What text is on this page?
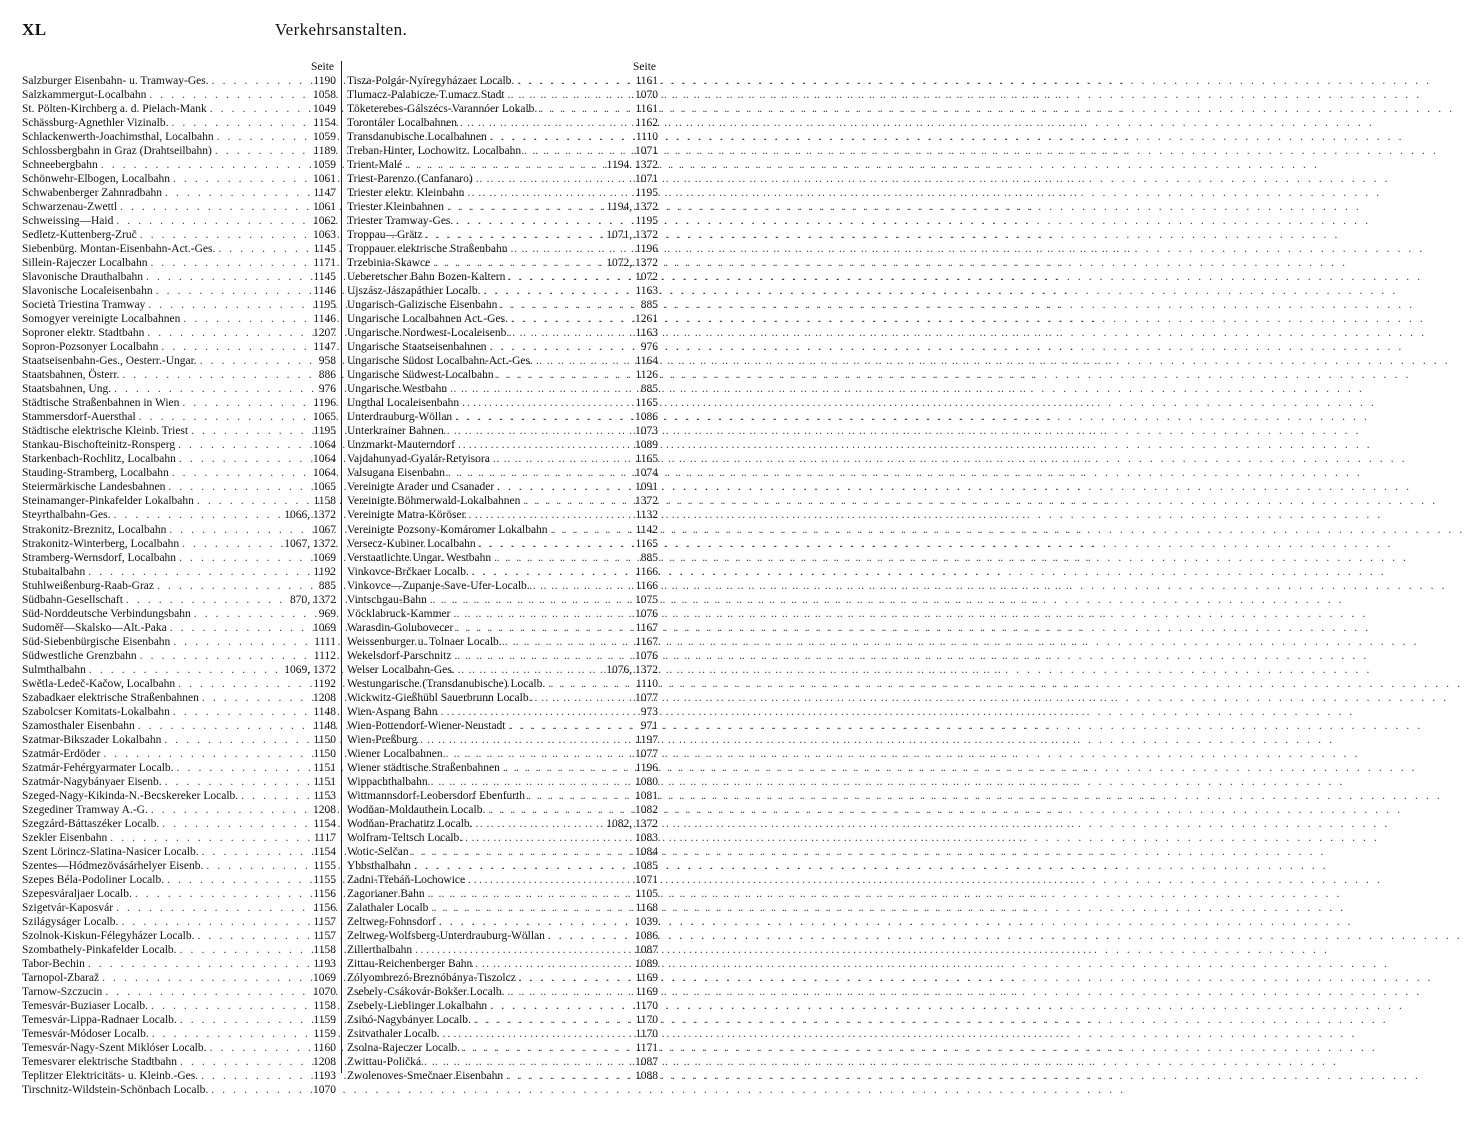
XL	Verkehrsanstalten.
Seite
Salzburger Eisenbahn- u. Tramway-Ges. . . .	1190
Salzkammergut-Localbahn . . .	1058
St. Pölten-Kirchberg a. d. Pielach-Mank . . .	1049
Schässburg-Agnethler Vizinalb. . . .	1154
Schlackenwerth-Joachimsthal, Localbahn . . .	1059
Schlossbergbahn in Graz (Drahtseilbahn) . . .	1189
Schneebergbahn . . .	1059
Schönwehr-Elbogen, Localbahn . . .	1061
Schwabenberger Zahnradbahn . . .	1147
Schwarzenau-Zwettl . . .	1061
Schweissing—Haid . . .	1062
Sedletz-Kuttenberg-Zruč . . .	1063
Siebenbürg. Montan-Eisenbahn-Act.-Ges. . . .	1145
Sillein-Rajeczer Localbahn . . .	1171
Slavonische Drauthalbahn . . .	1145
Slavonische Localeisenbahn . . .	1146
Società Triestina Tramway . . .	1195
Somogyer vereinigte Localbahnen . . .	1146
Soproner elektr. Stadtbahn . . .	1207
Sopron-Pozsonyer Localbahn . . .	1147
Staatseisenbahn-Ges., Oesterr.-Ungar. . . .	958
Staatsbahnen, Österr. . . .	886
Staatsbahnen, Ung. . . .	976
Städtische Straßenbahnen in Wien . . .	1196
Stammersdorf-Auersthal . . .	1065
Städtische elektrische Kleinb. Triest . . .	1195
Stankau-Bischofteinitz-Ronsperg . . .	1064
Starkenbach-Rochlitz, Localbahn . . .	1064
Stauding-Stramberg, Localbahn . . .	1064
Steiermärkische Landesbahnen . . .	1065
Steinamanger-Pinkafelder Lokalbahn . . .	1158
Steyrthalbahn-Ges. . . .	1066, 1372
Strakonitz-Breznitz, Localbahn . . .	1067
Strakonitz-Winterberg, Localbahn . . .	1067, 1372
Stramberg-Wernsdorf, Localbahn . . .	1069
Stubaitalbahn . . .	1192
Stuhlweißenburg-Raab-Graz . . .	885
Südbahn-Gesellschaft . . .	870, 1372
Süd-Norddeutsche Verbindungsbahn . . .	969
Sudoměř—Skalsko—Alt.-Paka . . .	1069
Süd-Siebenbürgische Eisenbahn . . .	1111
Südwestliche Grenzbahn . . .	1112
Sulmthalbahn . . .	1069, 1372
Swětla-Ledeč-Kačow, Localbahn . . .	1192
Szabadkaer elektrische Straßenbahnen . . .	1208
Szabolcser Komitats-Lokalbahn . . .	1148
Szamosthaler Eisenbahn . . .	1148
Szatmar-Bikszader Lokalbahn . . .	1150
Szatmár-Erdöder . . .	1150
Szatmár-Fehérgyarmater Localb. . . .	1151
Szatmár-Nagybányaer Eisenb. . . .	1151
Szeged-Nagy-Kikinda-N.-Becskereker Localb. . . .	1153
Szegediner Tramway A.-G. . . .	1208
Szegzárd-Báttaszéker Localb. . . .	1154
Szekler Eisenbahn . . .	1117
Szent Lörincz-Slatina-Nasicer Localb. . . .	1154
Szentes—Hódmezövásárhelyer Eisenb. . . .	1155
Szepes Béla-Podoliner Localb. . . .	1155
Szepesváraljaer Localb. . . .	1156
Szigetvár-Kaposvár . . .	1156
Szilágyságer Localb. . . .	1157
Szolnok-Kiskun-Félegyházer Localb. . . .	1157
Szombathely-Pinkafelder Localb. . . .	1158
Tabor-Bechin . . .	1193
Tarnopol-Zbaraž . . .	1069
Tarnow-Szczucin . . .	1070
Temesvár-Buziaser Localb. . . .	1158
Temesvár-Lippa-Radnaer Localb. . . .	1159
Temesvár-Módoser Localb. . . .	1159
Temesvár-Nagy-Szent Miklóser Localb. . . .	1160
Temesvarer elektrische Stadtbahn . . .	1208
Teplitzer Elektricitäts- u. Kleinb.-Ges. . . .	1193
Tirschnitz-Wildstein-Schönbach Localb. . . .	1070
Seite
Tisza-Polgár-Nyíregyházaer Localb. . . .	1161
Tlumacz-Palahicze-T.umacz Stadt . . .	1070
Töketerebes-Gálszécs-Varannóer Lokalb. . . .	1161
Torontáler Localbahnen . . .	1162
Transdanubische Localbahnen . . .	1110
Treban-Hinter, Lochowitz. Localbahn . . .	1071
Trient-Malé . . .	1194. 1372
Triest-Parenzo (Canfanaro) . . .	1071
Triester elektr. Kleinbahn . . .	1195
Triester Kleinbahnen . . .	1194, 1372
Triester Tramway-Ges. . . .	1195
Troppau—Grätz . . .	1071, 1372
Troppauer elektrische Straßenbahn . . .	1196
Trzebinia-Skawce . . .	1072, 1372
Ueberetscher Bahn Bozen-Kaltern . . .	1072
Ujszász-Jászapáthier Localb. . . .	1163
Ungarisch-Galizische Eisenbahn . . .	885
Ungarische Localbahnen Act.-Ges. . . .	1261
Ungarische Nordwest-Localeisenb. . . .	1163
Ungarische Staatseisenbahnen . . .	976
Ungarische Südost Localbahn-Act.-Ges. . . .	1164
Ungarische Südwest-Localbahn . . .	1126
Ungarische Westbahn . . .	885
Ungthal Localeisenbahn . . .	1165
Unterdrauburg-Wöllan . . .	1086
Unterkrainer Bahnen . . .	1073
Unzmarkt-Mauterndorf . . .	1089
Vajdahunyad-Gyalár-Retyisora . . .	1165
Valsugana Eisenbahn . . .	1074
Vereinigte Arader und Csanader . . .	1091
Vereinigte Böhmerwald-Lokalbahnen . . .	1372
Vereinigte Matra-Köröser . . .	1132
Vereinigte Pozsony-Komáromer Lokalbahn . . .	1142
Versecz-Kubiner Localbahn . . .	1165
Verstaatlichte Ungar. Westbahn . . .	885
Vinkovce-Brčkaer Localb. . . .	1166
Vinkovce—Zupanje-Save-Ufer-Localb. . . .	1166
Vintschgau-Bahn . . .	1075
Vöcklabruck-Kammer . . .	1076
Warasdin-Golubovecer . . .	1167
Weissenburger u. Tolnaer Localb. . . .	1167
Wekelsdorf-Parschnitz . . .	1076
Welser Localbahn-Ges. . . .	1076, 1372
Westungarische (Transdanubische) Localb. . . .	1110
Wickwitz-Gießhübl Sauerbrunn Localb. . . .	1077
Wien-Aspang Bahn . . .	973
Wien-Pottendorf-Wiener-Neustadt . . .	971
Wien-Preßburg . . .	1197
Wiener Localbahnen . . .	1077
Wiener städtische Straßenbahnen . . .	1196
Wippachthalbahn . . .	1080
Wittmannsdorf-Leobersdorf Ebenfurth . . .	1081
Wodňan-Moldauthein Localb. . . .	1082
Wodňan-Prachatitz Localb. . . .	1082, 1372
Wolfram-Teltsch Localb. . . .	1083
Wotic-Selčan . . .	1084
Ybbsthalbahn . . .	1085
Zadni-Třebáň-Lochowice . . .	1071
Zagorianer Bahn . . .	1105
Zalathaler Localb . . .	1168
Zeltweg-Fohnsdorf . . .	1039
Zeltweg-Wolfsberg-Unterdrauburg-Wöllan . . .	1086
Zillerthalbahn . . .	1087
Zittau-Reichenberger Bahn . . .	1089
Zólyombrezó-Breznóbánya-Tiszolcz . . .	1169
Zsebely-Csákovár-Bokšer Localb. . . .	1169
Zsebely-Lieblinger Lokalbahn . . .	1170
Zsibó-Nagybányer Localb. . . .	1170
Zsitvathaler Localb. . . .	1170
Zsolna-Rajeczer Localb. . . .	1171
Zwittau-Poličká . . .	1087
Zwolenoves-Smečnaer Eisenbahn . . .	1088
